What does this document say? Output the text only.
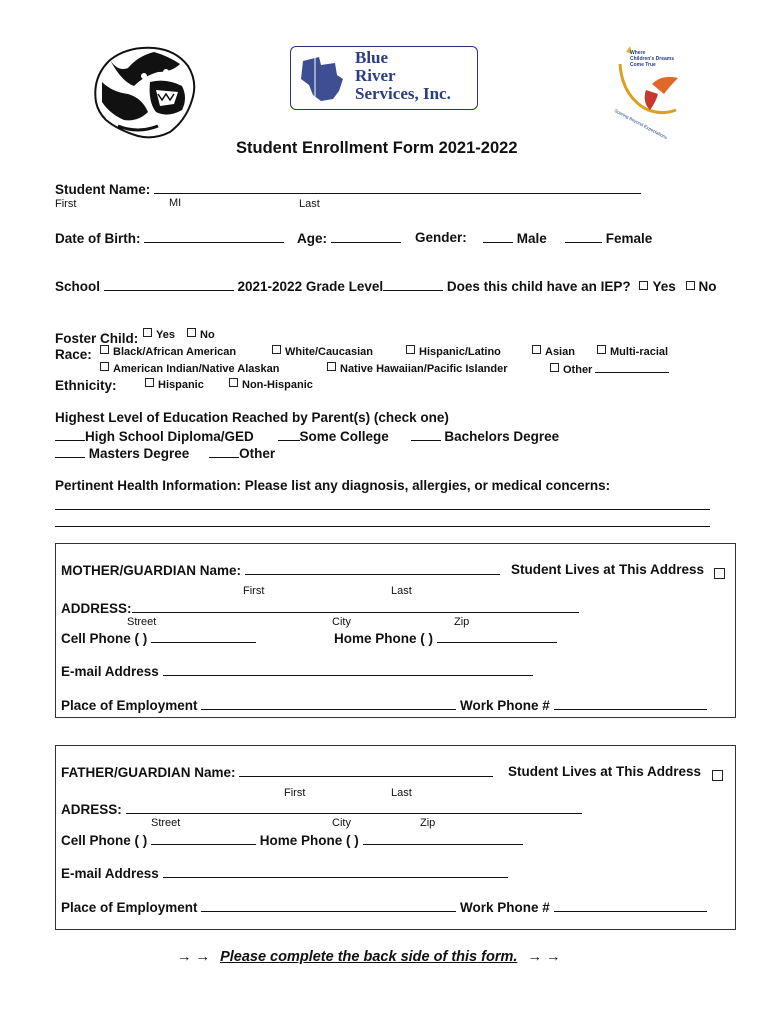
Blue
River
Services, Inc.
Where
Children's Dreams
Come True
Soaring Beyond Expectations
Student Enrollment Form 2021-2022
Student Name:
First	MI	Last
Date of Birth:	Age:	Gender:	Male	Female
School	2021-2022 Grade Level	Does this child have an IEP? Yes No
Foster Child:	Yes	No
Race:	Black/African American	White/Caucasian	Hispanic/Latino	Asian	Multi-racial
American Indian/Native Alaskan	Native Hawaiian/Pacific Islander	Other
Ethnicity:	Hispanic	Non-Hispanic
Highest Level of Education Reached by Parent(s) (check one)
High School Diploma/GED	Some College	Bachelors Degree
Masters Degree	Other
Pertinent Health Information: Please list any diagnosis, allergies, or medical concerns:
MOTHER/GUARDIAN Name:	Student Lives at This Address
First	Last
ADDRESS:
Street	City	Zip
Cell Phone ( )	Home Phone ( )
E-mail Address
Place of Employment	Work Phone #
FATHER/GUARDIAN Name:	Student Lives at This Address
First	Last
ADRESS:
Street	City	Zip
Cell Phone ( )	Home Phone ( )
E-mail Address
Place of Employment	Work Phone #
→ → Please complete the back side of this form. → →
